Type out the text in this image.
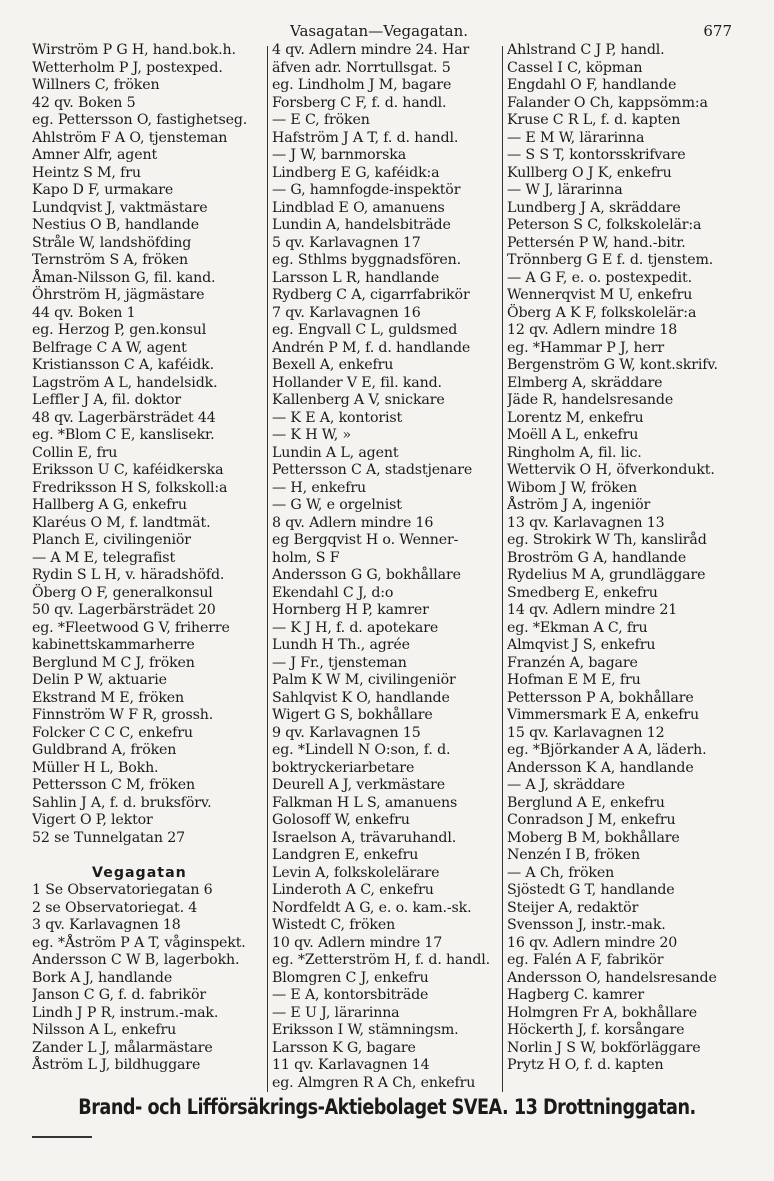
Vasagatan—Vegagatan.	677
Wirström P G H, hand.bok.h.
Wetterholm P J, postexped.
Willners C, fröken
42 qv. Boken 5
eg. Pettersson O, fastighetseg.
Ahlström F A O, tjensteman
Amner Alfr, agent
Heintz S M, fru
Kapo D F, urmakare
Lundqvist J, vaktmästare
Nestius O B, handlande
Stråle W, landshöfding
Ternström S A, fröken
Åman-Nilsson G, fil. kand.
Öhrström H, jägmästare
44 qv. Boken 1
eg. Herzog P, gen.konsul
Belfrage C A W, agent
Kristiansson C A, kaféidk.
Lagström A L, handelsidk.
Leffler J A, fil. doktor
48 qv. Lagerbärsträdet 44
eg. *Blom C E, kanslisekr.
Collin E, fru
Eriksson U C, kaféidkerska
Fredriksson H S, folkskoll:a
Hallberg A G, enkefru
Klaréus O M, f. landtmät.
Planch E, civilingeniör
— A M E, telegrafist
Rydin S L H, v. häradshöfd.
Öberg O F, generalkonsul
50 qv. Lagerbärsträdet 20
eg. *Fleetwood G V, friherre
kabinettskammarherre
Berglund M C J, fröken
Delin P W, aktuarie
Ekstrand M E, fröken
Finnström W F R, grossh.
Folcker C C C, enkefru
Guldbrand A, fröken
Müller H L, Bokh.
Pettersson C M, fröken
Sahlin J A, f. d. bruksförv.
Vigert O P, lektor
52 se Tunnelgatan 27
Vegagatan
1 Se Observatoriegatan 6
2 se Observatoriegat. 4
3 qv. Karlavagnen 18
eg. *Åström P A T, våginspekt.
Andersson C W B, lagerbokh.
Bork A J, handlande
Janson C G, f. d. fabrikör
Lindh J P R, instrum.-mak.
Nilsson A L, enkefru
Zander L J, målarmästare
Åström L J, bildhuggare
4 qv. Adlern mindre 24. Har
äfven adr. Norrtullsgat. 5
eg. Lindholm J M, bagare
Forsberg C F, f. d. handl.
— E C, fröken
Hafström J A T, f. d. handl.
— J W, barnmorska
Lindberg E G, kaféidk:a
— G, hamnfogde-inspektör
Lindblad E O, amanuens
Lundin A, handelsbiträde
5 qv. Karlavagnen 17
eg. Sthlms byggnadsfören.
Larsson L R, handlande
Rydberg C A, cigarrfabrikör
7 qv. Karlavagnen 16
eg. Engvall C L, guldsmed
Andrén P M, f. d. handlande
Bexell A, enkefru
Hollander V E, fil. kand.
Kallenberg A V, snickare
— K E A, kontorist
— K H W, »
Lundin A L, agent
Pettersson C A, stadstjenare
— H, enkefru
— G W, e orgelnist
8 qv. Adlern mindre 16
eg Bergqvist H o. Wenner-
holm, S F
Andersson G G, bokhållare
Ekendahl C J, d:o
Hornberg H P, kamrer
— K J H, f. d. apotekare
Lundh H Th., agrée
— J Fr., tjensteman
Palm K W M, civilingeniör
Sahlqvist K O, handlande
Wigert G S, bokhållare
9 qv. Karlavagnen 15
eg. *Lindell N O:son, f. d.
boktryckeriarbetare
Deurell A J, verkmästare
Falkman H L S, amanuens
Golosoff W, enkefru
Israelson A, trävaruhandl.
Landgren E, enkefru
Levin A, folkskolelärare
Linderoth A C, enkefru
Nordfeldt A G, e. o. kam.-sk.
Wistedt C, fröken
10 qv. Adlern mindre 17
eg. *Zetterström H, f. d. handl.
Blomgren C J, enkefru
— E A, kontorsbiträde
— E U J, lärarinna
Eriksson I W, stämningsm.
Larsson K G, bagare
11 qv. Karlavagnen 14
eg. Almgren R A Ch, enkefru
Ahlstrand C J P, handl.
Cassel I C, köpman
Engdahl O F, handlande
Falander O Ch, kappsömm:a
Kruse C R L, f. d. kapten
— E M W, lärarinna
— S S T, kontorsskrifvare
Kullberg O J K, enkefru
— W J, lärarinna
Lundberg J A, skräddare
Peterson S C, folkskolelär:a
Pettersén P W, hand.-bitr.
Trönnberg G E f. d. tjenstem.
— A G F, e. o. postexpedit.
Wennerqvist M U, enkefru
Öberg A K F, folkskolelär:a
12 qv. Adlern mindre 18
eg. *Hammar P J, herr
Bergenström G W, kont.skrifv.
Elmberg A, skräddare
Jäde R, handelsresande
Lorentz M, enkefru
Moëll A L, enkefru
Ringholm A, fil. lic.
Wettervik O H, öfverkondukt.
Wibom J W, fröken
Åström J A, ingeniör
13 qv. Karlavagnen 13
eg. Strokirk W Th, kansliråd
Broström G A, handlande
Rydelius M A, grundläggare
Smedberg E, enkefru
14 qv. Adlern mindre 21
eg. *Ekman A C, fru
Almqvist J S, enkefru
Franzén A, bagare
Hofman E M E, fru
Pettersson P A, bokhållare
Vimmersmark E A, enkefru
15 qv. Karlavagnen 12
eg. *Björkander A A, läderh.
Andersson K A, handlande
— A J, skräddare
Berglund A E, enkefru
Conradson J M, enkefru
Moberg B M, bokhållare
Nenzén I B, fröken
— A Ch, fröken
Sjöstedt G T, handlande
Steijer A, redaktör
Svensson J, instr.-mak.
16 qv. Adlern mindre 20
eg. Falén A F, fabrikör
Andersson O, handelsresande
Hagberg C. kamrer
Holmgren Fr A, bokhållare
Höckerth J, f. korsångare
Norlin J S W, bokförläggare
Prytz H O, f. d. kapten
Brand- och Lifförsäkrings-Aktiebolaget SVEA. 13 Drottninggatan.
